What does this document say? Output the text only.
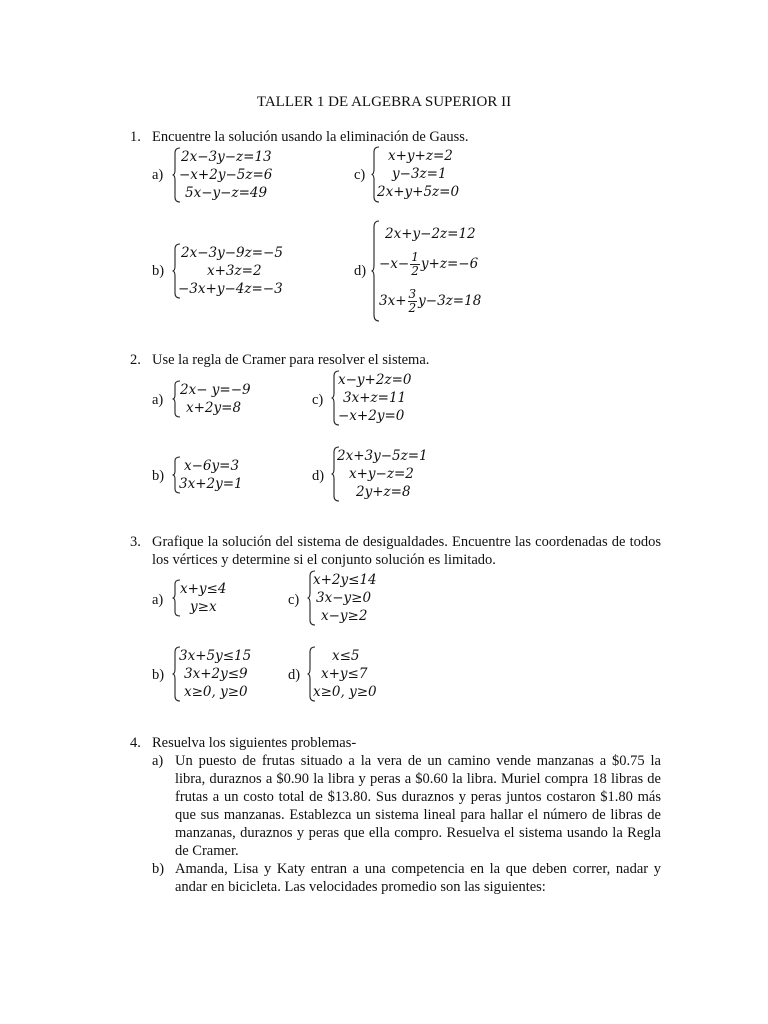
TALLER 1 DE ALGEBRA SUPERIOR II
1. Encuentre la solución usando la eliminación de Gauss.
a)
2x−3y−z=13
−x+2y−5z=6
5x−y−z=49
c)
x+y+z=2
y−3z=1
2x+y+5z=0
b)
2x−3y−9z=−5
x+3z=2
−3x+y−4z=−3
d)
2x+y−2z=12
$-x- \frac{1}{2} y+z=-6$
$3x+ \frac{3}{2} y-3z=18$
2. Use la regla de Cramer para resolver el sistema.
a)
2x− y=−9
x+2y=8	c)
x−y+2z=0
3x+z=11
−x+2y=0
b)
x−6y=3
3x+2y=1	d)
2x+3y−5z=1
x+y−z=2
2y+z=8
3. Grafique la solución del sistema de desigualdades. Encuentre las coordenadas de todos los vértices y determine si el conjunto solución es limitado.
a)
x+y≤4
y≥x	c)
x+2y≤14
3x−y≥0
x−y≥2
b)
3x+5y≤15
3x+2y≤9
x≥0, y≥0
d)
x≤5
x+y≤7
x≥0, y≥0
4. Resuelva los siguientes problemas-
a) Un puesto de frutas situado a la vera de un camino vende manzanas a $0.75 la libra, duraznos a $0.90 la libra y peras a $0.60 la libra. Muriel compra 18 libras de frutas a un costo total de $13.80. Sus duraznos y peras juntos costaron $1.80 más que sus manzanas. Establezca un sistema lineal para hallar el número de libras de manzanas, duraznos y peras que ella compro. Resuelva el sistema usando la Regla de Cramer.
b) Amanda, Lisa y Katy entran a una competencia en la que deben correr, nadar y andar en bicicleta. Las velocidades promedio son las siguientes:
